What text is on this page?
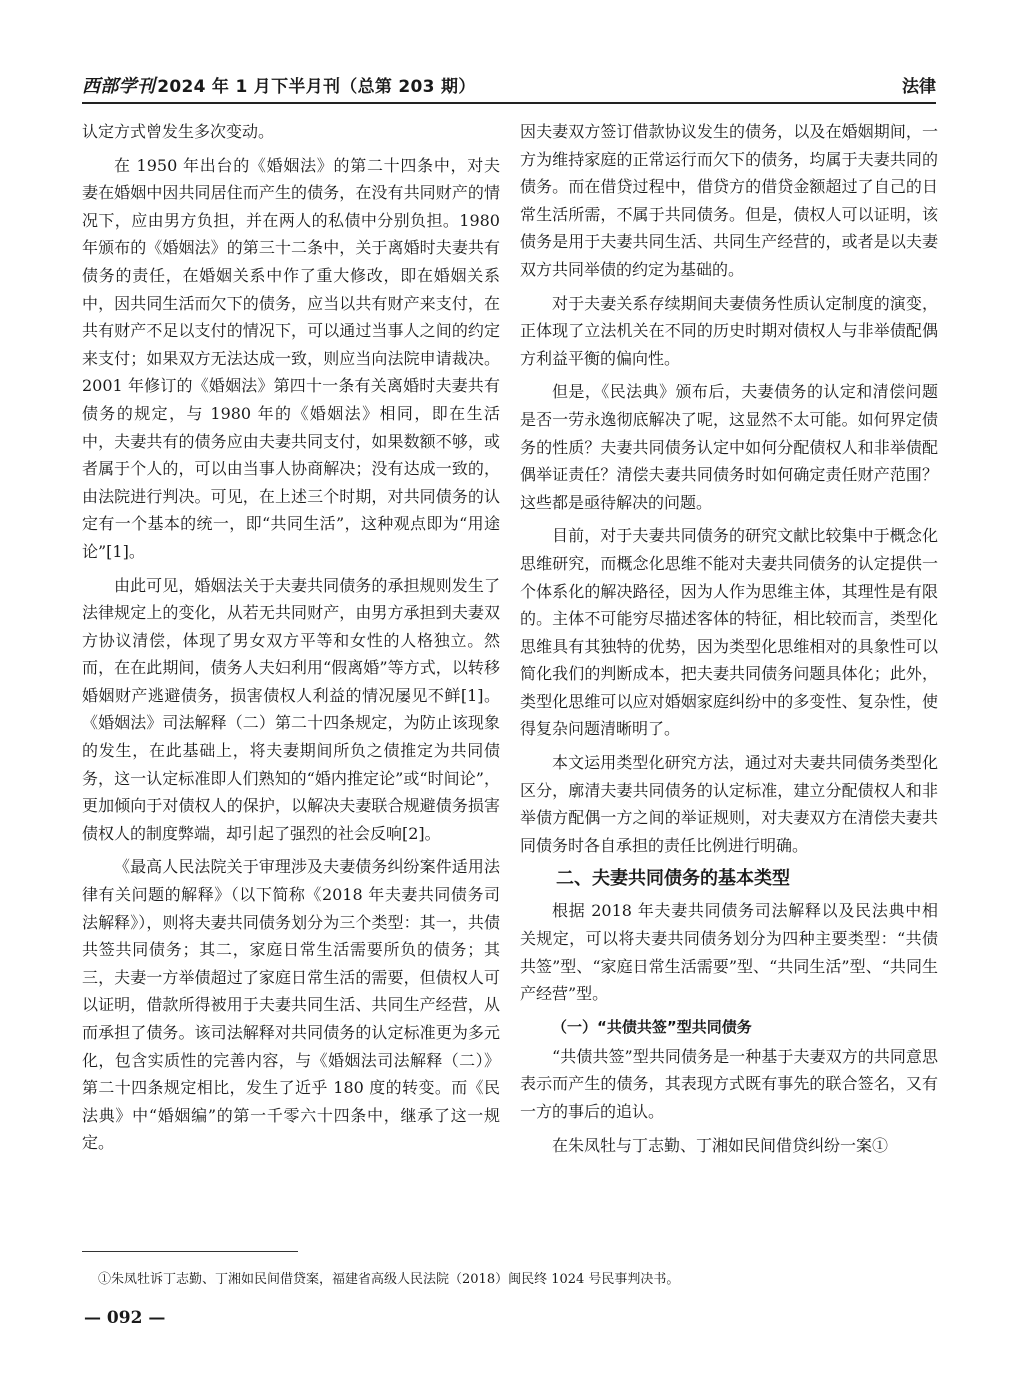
西部学刊 2024 年 1 月下半月刊（总第 203 期）	法律

认定方式曾发生多次变动。

在 1950 年出台的《婚姻法》的第二十四条中，对夫妻在婚姻中因共同居住而产生的债务，在没有共同财产的情况下，应由男方负担，并在两人的私债中分别负担。1980 年颁布的《婚姻法》的第三十二条中，关于离婚时夫妻共有债务的责任，在婚姻关系中作了重大修改，即在婚姻关系中，因共同生活而欠下的债务，应当以共有财产来支付，在共有财产不足以支付的情况下，可以通过当事人之间的约定来支付；如果双方无法达成一致，则应当向法院申请裁决。2001 年修订的《婚姻法》第四十一条有关离婚时夫妻共有债务的规定，与 1980 年的《婚姻法》相同，即在生活中，夫妻共有的债务应由夫妻共同支付，如果数额不够，或者属于个人的，可以由当事人协商解决；没有达成一致的，由法院进行判决。可见，在上述三个时期，对共同债务的认定有一个基本的统一，即“共同生活”，这种观点即为“用途论”[1]。

由此可见，婚姻法关于夫妻共同债务的承担规则发生了法律规定上的变化，从若无共同财产，由男方承担到夫妻双方协议清偿，体现了男女双方平等和女性的人格独立。然而，在在此期间，债务人夫妇利用“假离婚”等方式，以转移婚姻财产逃避债务，损害债权人利益的情况屡见不鲜[1]。《婚姻法》司法解释（二）第二十四条规定，为防止该现象的发生，在此基础上，将夫妻期间所负之债推定为共同债务，这一认定标准即人们熟知的“婚内推定论”或“时间论”，更加倾向于对债权人的保护，以解决夫妻联合规避债务损害债权人的制度弊端，却引起了强烈的社会反响[2]。

《最高人民法院关于审理涉及夫妻债务纠纷案件适用法律有关问题的解释》（以下简称《2018 年夫妻共同债务司法解释》），则将夫妻共同债务划分为三个类型：其一，共债共签共同债务；其二，家庭日常生活需要所负的债务；其三，夫妻一方举债超过了家庭日常生活的需要，但债权人可以证明，借款所得被用于夫妻共同生活、共同生产经营，从而承担了债务。该司法解释对共同债务的认定标准更为多元化，包含实质性的完善内容，与《婚姻法司法解释（二）》第二十四条规定相比，发生了近乎 180 度的转变。而《民法典》中“婚姻编”的第一千零六十四条中，继承了这一规定。

因夫妻双方签订借款协议发生的债务，以及在婚姻期间，一方为维持家庭的正常运行而欠下的债务，均属于夫妻共同的债务。而在借贷过程中，借贷方的借贷金额超过了自己的日常生活所需，不属于共同债务。但是，债权人可以证明，该债务是用于夫妻共同生活、共同生产经营的，或者是以夫妻双方共同举债的约定为基础的。

对于夫妻关系存续期间夫妻债务性质认定制度的演变，正体现了立法机关在不同的历史时期对债权人与非举债配偶方利益平衡的偏向性。

但是，《民法典》颁布后，夫妻债务的认定和清偿问题是否一劳永逸彻底解决了呢，这显然不太可能。如何界定债务的性质？夫妻共同债务认定中如何分配债权人和非举债配偶举证责任？清偿夫妻共同债务时如何确定责任财产范围？这些都是亟待解决的问题。

目前，对于夫妻共同债务的研究文献比较集中于概念化思维研究，而概念化思维不能对夫妻共同债务的认定提供一个体系化的解决路径，因为人作为思维主体，其理性是有限的。主体不可能穷尽描述客体的特征，相比较而言，类型化思维具有其独特的优势，因为类型化思维相对的具象性可以简化我们的判断成本，把夫妻共同债务问题具体化；此外，类型化思维可以应对婚姻家庭纠纷中的多变性、复杂性，使得复杂问题清晰明了。

本文运用类型化研究方法，通过对夫妻共同债务类型化区分，廓清夫妻共同债务的认定标准，建立分配债权人和非举债方配偶一方之间的举证规则，对夫妻双方在清偿夫妻共同债务时各自承担的责任比例进行明确。

二、夫妻共同债务的基本类型

根据 2018 年夫妻共同债务司法解释以及民法典中相关规定，可以将夫妻共同债务划分为四种主要类型：“共债共签”型、“家庭日常生活需要”型、“共同生活”型、“共同生产经营”型。

（一）“共债共签”型共同债务

“共债共签”型共同债务是一种基于夫妻双方的共同意思表示而产生的债务，其表现方式既有事先的联合签名，又有一方的事后的追认。

在朱凤牡与丁志勤、丁湘如民间借贷纠纷一案①

①朱凤牡诉丁志勤、丁湘如民间借贷案，福建省高级人民法院（2018）闽民终 1024 号民事判决书。
— 092 —
